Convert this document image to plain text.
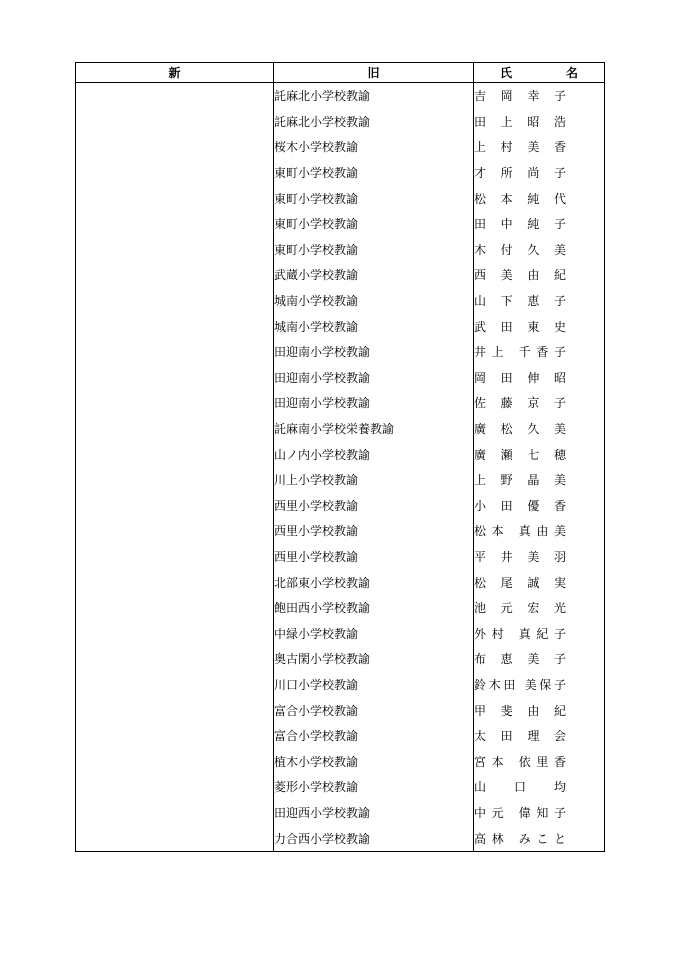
新	旧	氏　　名
	託麻北小学校教諭	吉 岡 幸 子
	託麻北小学校教諭	田 上 昭 浩
	桜木小学校教諭	上 村 美 香
	東町小学校教諭	才 所 尚 子
	東町小学校教諭	松 本 純 代
	東町小学校教諭	田 中 純 子
	東町小学校教諭	木 付 久 美
	武蔵小学校教諭	西 美 由 紀
	城南小学校教諭	山 下 恵 子
	城南小学校教諭	武 田 東 史
	田迎南小学校教諭	井上 千香子
	田迎南小学校教諭	岡 田 伸 昭
	田迎南小学校教諭	佐 藤 京 子
	託麻南小学校栄養教諭	廣 松 久 美
	山ノ内小学校教諭	廣 瀬 七 穂
	川上小学校教諭	上 野 晶 美
	西里小学校教諭	小 田 優 香
	西里小学校教諭	松本 真由美
	西里小学校教諭	平 井 美 羽
	北部東小学校教諭	松 尾 誠 実
	飽田西小学校教諭	池 元 宏 光
	中緑小学校教諭	外村 真紀子
	奥古閑小学校教諭	布 恵 美 子
	川口小学校教諭	鈴木田 美保子
	富合小学校教諭	甲 斐 由 紀
	富合小学校教諭	太 田 理 会
	植木小学校教諭	宮本 依里香
	菱形小学校教諭	山 口 均
	田迎西小学校教諭	中元 偉知子
	力合西小学校教諭	高林 みこと
